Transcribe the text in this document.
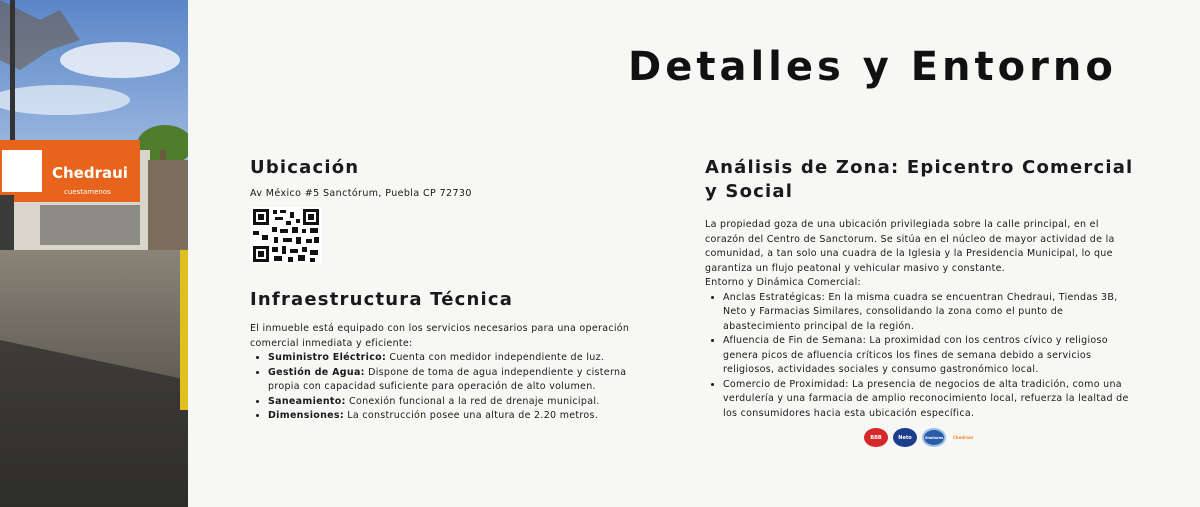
Chedraui
cuestamenos
Detalles y Entorno
Ubicación
Av México #5 Sanctórum, Puebla CP 72730
Infraestructura Técnica

El inmueble está equipado con los servicios necesarios para una operación comercial inmediata y eficiente:

• Suministro Eléctrico: Cuenta con medidor independiente de luz.
• Gestión de Agua: Dispone de toma de agua independiente y cisterna propia con capacidad suficiente para operación de alto volumen.
• Saneamiento: Conexión funcional a la red de drenaje municipal.
• Dimensiones: La construcción posee una altura de 2.20 metros.
Análisis de Zona: Epicentro Comercial y Social

La propiedad goza de una ubicación privilegiada sobre la calle principal, en el corazón del Centro de Sanctorum. Se sitúa en el núcleo de mayor actividad de la comunidad, a tan solo una cuadra de la Iglesia y la Presidencia Municipal, lo que garantiza un flujo peatonal y vehicular masivo y constante.

Entorno y Dinámica Comercial:

• Anclas Estratégicas: En la misma cuadra se encuentran Chedraui, Tiendas 3B, Neto y Farmacias Similares, consolidando la zona como el punto de abastecimiento principal de la región.
• Afluencia de Fin de Semana: La proximidad con los centros cívico y religioso genera picos de afluencia críticos los fines de semana debido a servicios religiosos, actividades sociales y consumo gastronómico local.
• Comercio de Proximidad: La presencia de negocios de alta tradición, como una verdulería y una farmacia de amplio reconocimiento local, refuerza la lealtad de los consumidores hacia esta ubicación específica.
BBB	Neto	Similares Chedraui
